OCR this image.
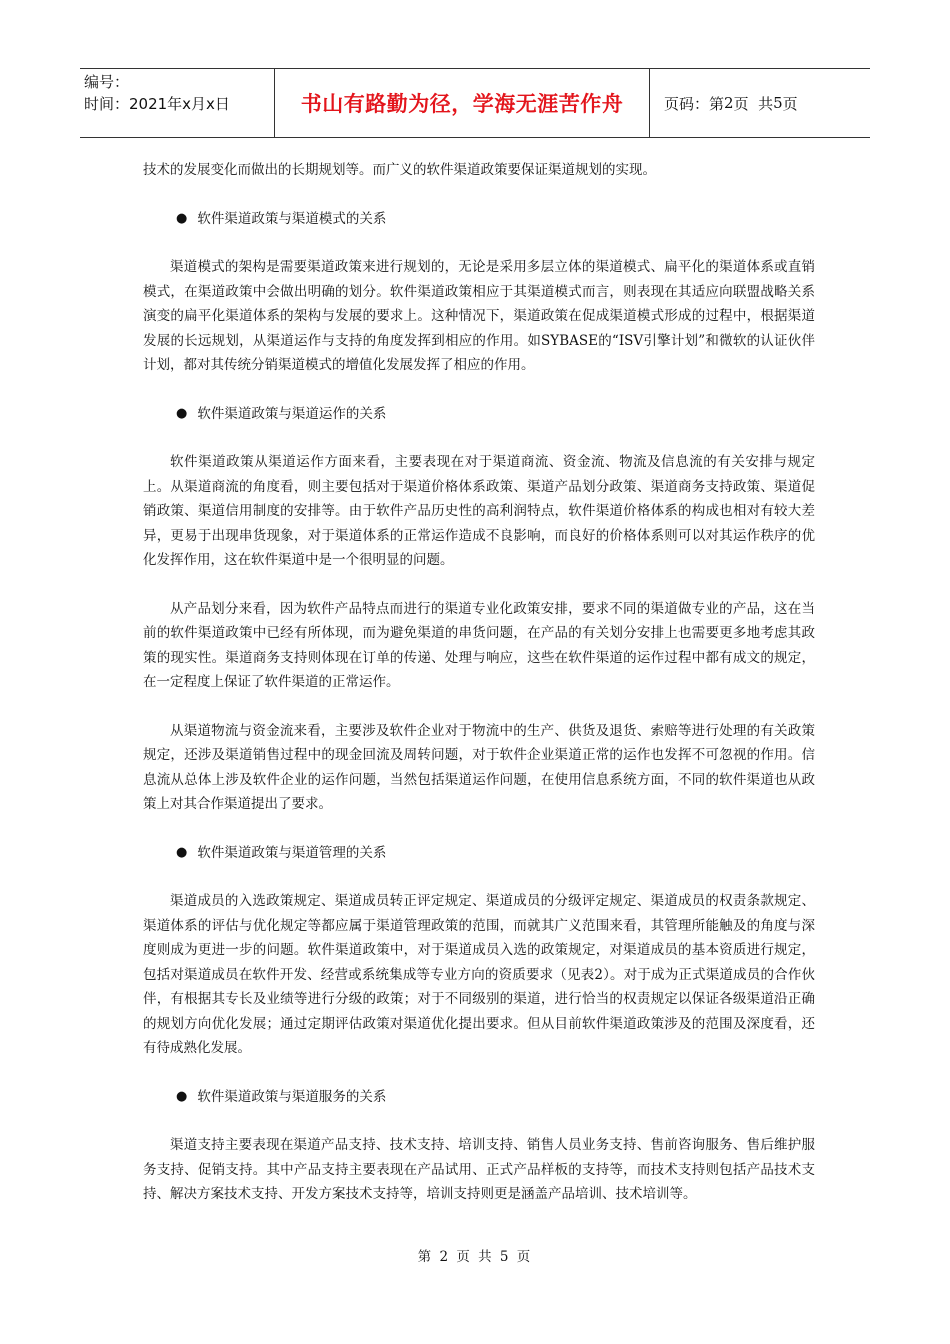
编号：
时间：2021年x月x日	书山有路勤为径，学海无涯苦作舟	页码：第 2 页  共 5 页

技术的发展变化而做出的长期规划等。而广义的软件渠道政策要保证渠道规划的实现。

● 软件渠道政策与渠道模式的关系

渠道模式的架构是需要渠道政策来进行规划的，无论是采用多层立体的渠道模式、扁平化的渠道体系或直销模式，在渠道政策中会做出明确的划分。软件渠道政策相应于其渠道模式而言，则表现在其适应向联盟战略关系演变的扁平化渠道体系的架构与发展的要求上。这种情况下，渠道政策在促成渠道模式形成的过程中，根据渠道发展的长远规划，从渠道运作与支持的角度发挥到相应的作用。如SYBASE的“ISV引擎计划”和微软的认证伙伴计划，都对其传统分销渠道模式的增值化发展发挥了相应的作用。

● 软件渠道政策与渠道运作的关系

软件渠道政策从渠道运作方面来看，主要表现在对于渠道商流、资金流、物流及信息流的有关安排与规定上。从渠道商流的角度看，则主要包括对于渠道价格体系政策、渠道产品划分政策、渠道商务支持政策、渠道促销政策、渠道信用制度的安排等。由于软件产品历史性的高利润特点，软件渠道价格体系的构成也相对有较大差异，更易于出现串货现象，对于渠道体系的正常运作造成不良影响，而良好的价格体系则可以对其运作秩序的优化发挥作用，这在软件渠道中是一个很明显的问题。

从产品划分来看，因为软件产品特点而进行的渠道专业化政策安排，要求不同的渠道做专业的产品，这在当前的软件渠道政策中已经有所体现，而为避免渠道的串货问题，在产品的有关划分安排上也需要更多地考虑其政策的现实性。渠道商务支持则体现在订单的传递、处理与响应，这些在软件渠道的运作过程中都有成文的规定，在一定程度上保证了软件渠道的正常运作。

从渠道物流与资金流来看，主要涉及软件企业对于物流中的生产、供货及退货、索赔等进行处理的有关政策规定，还涉及渠道销售过程中的现金回流及周转问题，对于软件企业渠道正常的运作也发挥不可忽视的作用。信息流从总体上涉及软件企业的运作问题，当然包括渠道运作问题，在使用信息系统方面，不同的软件渠道也从政策上对其合作渠道提出了要求。

● 软件渠道政策与渠道管理的关系

渠道成员的入选政策规定、渠道成员转正评定规定、渠道成员的分级评定规定、渠道成员的权责条款规定、渠道体系的评估与优化规定等都应属于渠道管理政策的范围，而就其广义范围来看，其管理所能触及的角度与深度则成为更进一步的问题。软件渠道政策中，对于渠道成员入选的政策规定，对渠道成员的基本资质进行规定，包括对渠道成员在软件开发、经营或系统集成等专业方向的资质要求（见表2）。对于成为正式渠道成员的合作伙伴，有根据其专长及业绩等进行分级的政策；对于不同级别的渠道，进行恰当的权责规定以保证各级渠道沿正确的规划方向优化发展；通过定期评估政策对渠道优化提出要求。但从目前软件渠道政策涉及的范围及深度看，还有待成熟化发展。

● 软件渠道政策与渠道服务的关系

渠道支持主要表现在渠道产品支持、技术支持、培训支持、销售人员业务支持、售前咨询服务、售后维护服务支持、促销支持。其中产品支持主要表现在产品试用、正式产品样板的支持等，而技术支持则包括产品技术支持、解决方案技术支持、开发方案技术支持等，培训支持则更是涵盖产品培训、技术培训等。

第 2 页 共 5 页
